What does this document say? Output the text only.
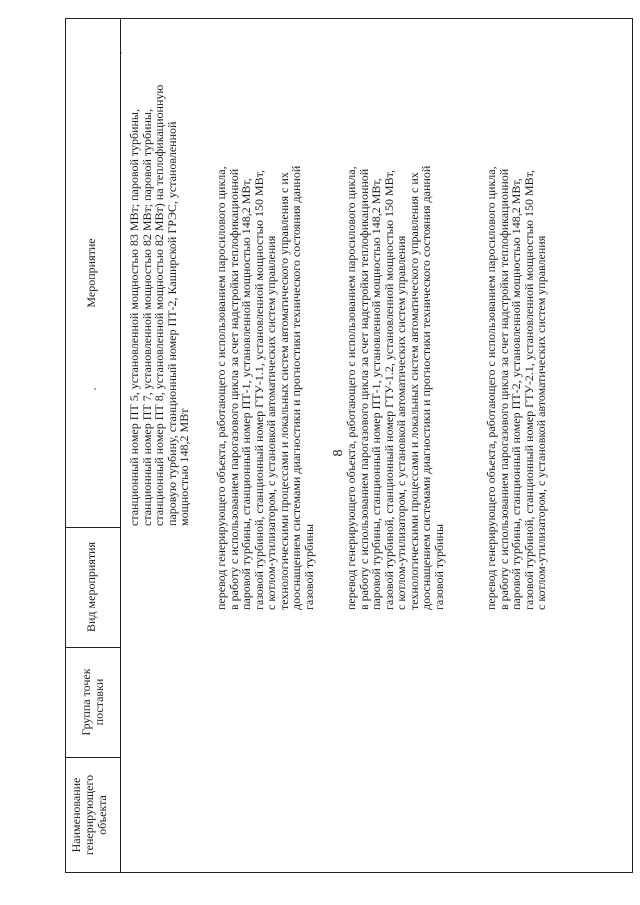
8
Наименование генерирующего объекта
Группа точек поставки
Вид мероприятия
Мероприятие станционный номер ПТ 5, установленной мощностью 83 МВт; паровой турбины,
станционный номер ПТ 7, установленной мощностью 82 МВт; паровой турбины,
станционный номер ПТ 8, установленной мощностью 82 МВт) на теплофикационную
паровую турбину, станционный номер ПТ-2, Каширской ГРЭС, установленной
мощностью 148,2 МВт перевод генерирующего объекта, работающего с использованием паросилового цикла,
в работу с использованием парогазового цикла за счет надстройки теплофикационной
паровой турбины, станционный номер ПТ-1, установленной мощностью 148,2 МВт,
газовой турбиной, станционный номер ГТУ-1.1, установленной мощностью 150 МВт,
с котлом-утилизатором, с установкой автоматических систем управления
технологическими процессами и локальных систем автоматического управления с их
дооснащением системами диагностики и прогностики технического состояния данной
газовой турбины перевод генерирующего объекта, работающего с использованием паросилового цикла,
в работу с использованием парогазового цикла за счет надстройки теплофикационной
паровой турбины, станционный номер ПТ-1, установленной мощностью 148,2 МВт,
газовой турбиной, станционный номер ГТУ-1.2, установленной мощностью 150 МВт,
с котлом-утилизатором, с установкой автоматических систем управления
технологическими процессами и локальных систем автоматического управления с их
дооснащением системами диагностики и прогностики технического состояния данной
газовой турбины	перевод генерирующего объекта, работающего с использованием паросилового цикла,
в работу с использованием парогазового цикла за счет надстройки теплофикационной
паровой турбины, станционный номер ПТ-2, установленной мощностью 148,2 МВт,
газовой турбиной, станционный номер ГТУ-2.1, установленной мощностью 150 МВт,
с котлом-утилизатором, с установкой автоматических систем управления
